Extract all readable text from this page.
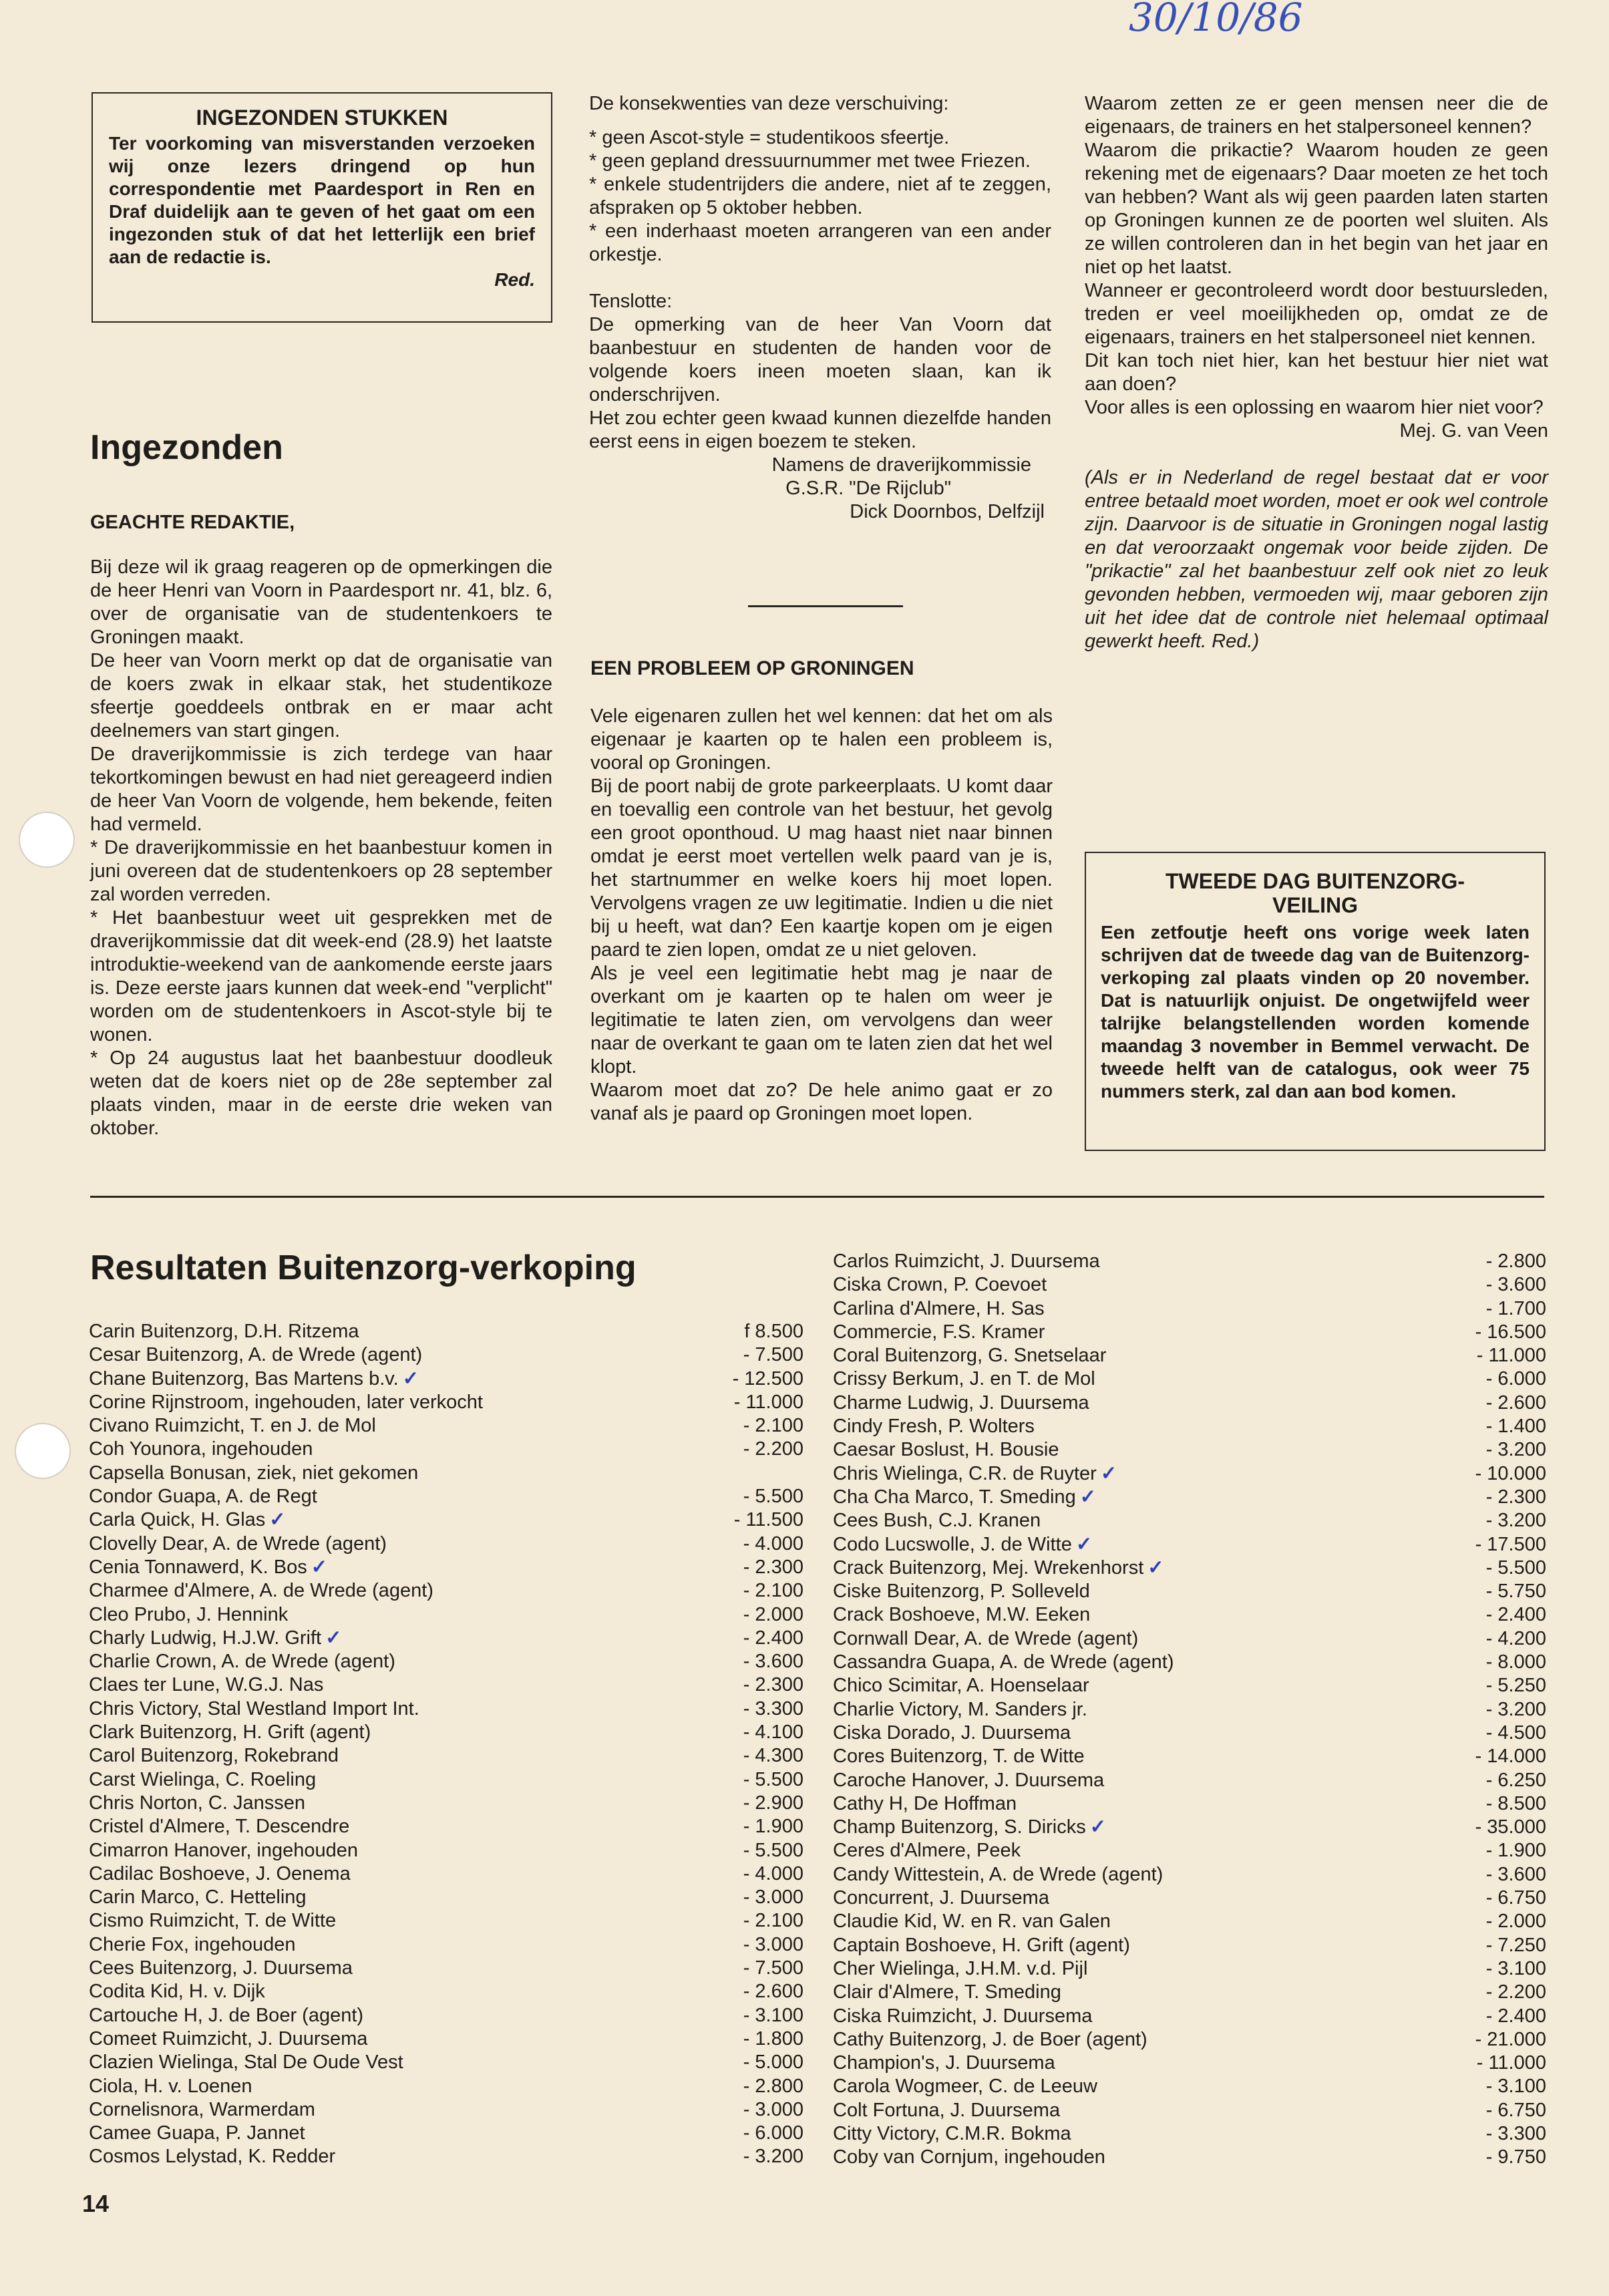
30/10/86
INGEZONDEN STUKKEN
Ter voorkoming van misverstanden verzoeken wij onze lezers dringend op hun correspondentie met Paardesport in Ren en Draf duidelijk aan te geven of het gaat om een ingezonden stuk of dat het letterlijk een brief aan de redactie is.
Red.
Ingezonden

GEACHTE REDAKTIE,

Bij deze wil ik graag reageren op de opmerkingen die de heer Henri van Voorn in Paardesport nr. 41, blz. 6, over de organisatie van de studentenkoers te Groningen maakt.

De heer van Voorn merkt op dat de organisatie van de koers zwak in elkaar stak, het studentikoze sfeertje goeddeels ontbrak en er maar acht deelnemers van start gingen.

De draverijkommissie is zich terdege van haar tekortkomingen bewust en had niet gereageerd indien de heer Van Voorn de volgende, hem bekende, feiten had vermeld.

* De draverijkommissie en het baanbestuur komen in juni overeen dat de studentenkoers op 28 september zal worden verreden.

* Het baanbestuur weet uit gesprekken met de draverijkommissie dat dit week-end (28.9) het laatste introduktie-weekend van de aankomende eerste jaars is. Deze eerste jaars kunnen dat week-end "verplicht" worden om de studentenkoers in Ascot-style bij te wonen.

* Op 24 augustus laat het baanbestuur doodleuk weten dat de koers niet op de 28e september zal plaats vinden, maar in de eerste drie weken van oktober.

De konsekwenties van deze verschuiving:

* geen Ascot-style = studentikoos sfeertje.

* geen gepland dressuurnummer met twee Friezen.

* enkele studentrijders die andere, niet af te zeggen, afspraken op 5 oktober hebben.

* een inderhaast moeten arrangeren van een ander orkestje.

Tenslotte:

De opmerking van de heer Van Voorn dat baanbestuur en studenten de handen voor de volgende koers ineen moeten slaan, kan ik onderschrijven.

Het zou echter geen kwaad kunnen diezelfde handen eerst eens in eigen boezem te steken.

Namens de draverijkommissie

G.S.R. "De Rijclub"

Dick Doornbos, Delfzijl

EEN PROBLEEM OP GRONINGEN

Vele eigenaren zullen het wel kennen: dat het om als eigenaar je kaarten op te halen een probleem is, vooral op Groningen.

Bij de poort nabij de grote parkeerplaats. U komt daar en toevallig een controle van het bestuur, het gevolg een groot oponthoud. U mag haast niet naar binnen omdat je eerst moet vertellen welk paard van je is, het startnummer en welke koers hij moet lopen. Vervolgens vragen ze uw legitimatie. Indien u die niet bij u heeft, wat dan? Een kaartje kopen om je eigen paard te zien lopen, omdat ze u niet geloven.

Als je veel een legitimatie hebt mag je naar de overkant om je kaarten op te halen om weer je legitimatie te laten zien, om vervolgens dan weer naar de overkant te gaan om te laten zien dat het wel klopt.

Waarom moet dat zo? De hele animo gaat er zo vanaf als je paard op Groningen moet lopen.

Waarom zetten ze er geen mensen neer die de eigenaars, de trainers en het stalpersoneel kennen?

Waarom die prikactie? Waarom houden ze geen rekening met de eigenaars? Daar moeten ze het toch van hebben? Want als wij geen paarden laten starten op Groningen kunnen ze de poorten wel sluiten. Als ze willen controleren dan in het begin van het jaar en niet op het laatst.

Wanneer er gecontroleerd wordt door bestuursleden, treden er veel moeilijkheden op, omdat ze de eigenaars, trainers en het stalpersoneel niet kennen.

Dit kan toch niet hier, kan het bestuur hier niet wat aan doen?

Voor alles is een oplossing en waarom hier niet voor?

Mej. G. van Veen

(Als er in Nederland de regel bestaat dat er voor entree betaald moet worden, moet er ook wel controle zijn. Daarvoor is de situatie in Groningen nogal lastig en dat veroorzaakt ongemak voor beide zijden. De "prikactie" zal het baanbestuur zelf ook niet zo leuk gevonden hebben, vermoeden wij, maar geboren zijn uit het idee dat de controle niet helemaal optimaal gewerkt heeft. Red.)

TWEEDE DAG BUITENZORG-VEILING
Een zetfoutje heeft ons vorige week laten schrijven dat de tweede dag van de Buitenzorg-verkoping zal plaats vinden op 20 november. Dat is natuurlijk onjuist. De ongetwijfeld weer talrijke belangstellenden worden komende maandag 3 november in Bemmel verwacht. De tweede helft van de catalogus, ook weer 75 nummers sterk, zal dan aan bod komen.
Resultaten Buitenzorg-verkoping
Carin Buitenzorg, D.H. Ritzema	f 8.500
Cesar Buitenzorg, A. de Wrede (agent)	- 7.500
Chane Buitenzorg, Bas Martens b.v. ✓	- 12.500
Corine Rijnstroom, ingehouden, later verkocht	- 11.000
Civano Ruimzicht, T. en J. de Mol	- 2.100
Coh Younora, ingehouden	- 2.200
Capsella Bonusan, ziek, niet gekomen
Condor Guapa, A. de Regt	- 5.500
Carla Quick, H. Glas ✓	- 11.500
Clovelly Dear, A. de Wrede (agent)	- 4.000
Cenia Tonnawerd, K. Bos ✓	- 2.300
Charmee d'Almere, A. de Wrede (agent)	- 2.100
Cleo Prubo, J. Hennink	- 2.000
Charly Ludwig, H.J.W. Grift ✓	- 2.400
Charlie Crown, A. de Wrede (agent)	- 3.600
Claes ter Lune, W.G.J. Nas	- 2.300
Chris Victory, Stal Westland Import Int.	- 3.300
Clark Buitenzorg, H. Grift (agent)	- 4.100
Carol Buitenzorg, Rokebrand	- 4.300
Carst Wielinga, C. Roeling	- 5.500
Chris Norton, C. Janssen	- 2.900
Cristel d'Almere, T. Descendre	- 1.900
Cimarron Hanover, ingehouden	- 5.500
Cadilac Boshoeve, J. Oenema	- 4.000
Carin Marco, C. Hetteling	- 3.000
Cismo Ruimzicht, T. de Witte	- 2.100
Cherie Fox, ingehouden	- 3.000
Cees Buitenzorg, J. Duursema	- 7.500
Codita Kid, H. v. Dijk	- 2.600
Cartouche H, J. de Boer (agent)	- 3.100
Comeet Ruimzicht, J. Duursema	- 1.800
Clazien Wielinga, Stal De Oude Vest	- 5.000
Ciola, H. v. Loenen	- 2.800
Cornelisnora, Warmerdam	- 3.000
Camee Guapa, P. Jannet	- 6.000
Cosmos Lelystad, K. Redder	- 3.200
Carlos Ruimzicht, J. Duursema	- 2.800
Ciska Crown, P. Coevoet	- 3.600
Carlina d'Almere, H. Sas	- 1.700
Commercie, F.S. Kramer	- 16.500
Coral Buitenzorg, G. Snetselaar	- 11.000
Crissy Berkum, J. en T. de Mol	- 6.000
Charme Ludwig, J. Duursema	- 2.600
Cindy Fresh, P. Wolters	- 1.400
Caesar Boslust, H. Bousie	- 3.200
Chris Wielinga, C.R. de Ruyter ✓	- 10.000
Cha Cha Marco, T. Smeding ✓	- 2.300
Cees Bush, C.J. Kranen	- 3.200
Codo Lucswolle, J. de Witte ✓	- 17.500
Crack Buitenzorg, Mej. Wrekenhorst ✓	- 5.500
Ciske Buitenzorg, P. Solleveld	- 5.750
Crack Boshoeve, M.W. Eeken	- 2.400
Cornwall Dear, A. de Wrede (agent)	- 4.200
Cassandra Guapa, A. de Wrede (agent)	- 8.000
Chico Scimitar, A. Hoenselaar	- 5.250
Charlie Victory, M. Sanders jr.	- 3.200
Ciska Dorado, J. Duursema	- 4.500
Cores Buitenzorg, T. de Witte	- 14.000
Caroche Hanover, J. Duursema	- 6.250
Cathy H, De Hoffman	- 8.500
Champ Buitenzorg, S. Diricks ✓	- 35.000
Ceres d'Almere, Peek	- 1.900
Candy Wittestein, A. de Wrede (agent)	- 3.600
Concurrent, J. Duursema	- 6.750
Claudie Kid, W. en R. van Galen	- 2.000
Captain Boshoeve, H. Grift (agent)	- 7.250
Cher Wielinga, J.H.M. v.d. Pijl	- 3.100
Clair d'Almere, T. Smeding	- 2.200
Ciska Ruimzicht, J. Duursema	- 2.400
Cathy Buitenzorg, J. de Boer (agent)	- 21.000
Champion's, J. Duursema	- 11.000
Carola Wogmeer, C. de Leeuw	- 3.100
Colt Fortuna, J. Duursema	- 6.750
Citty Victory, C.M.R. Bokma	- 3.300
Coby van Cornjum, ingehouden	- 9.750
14
